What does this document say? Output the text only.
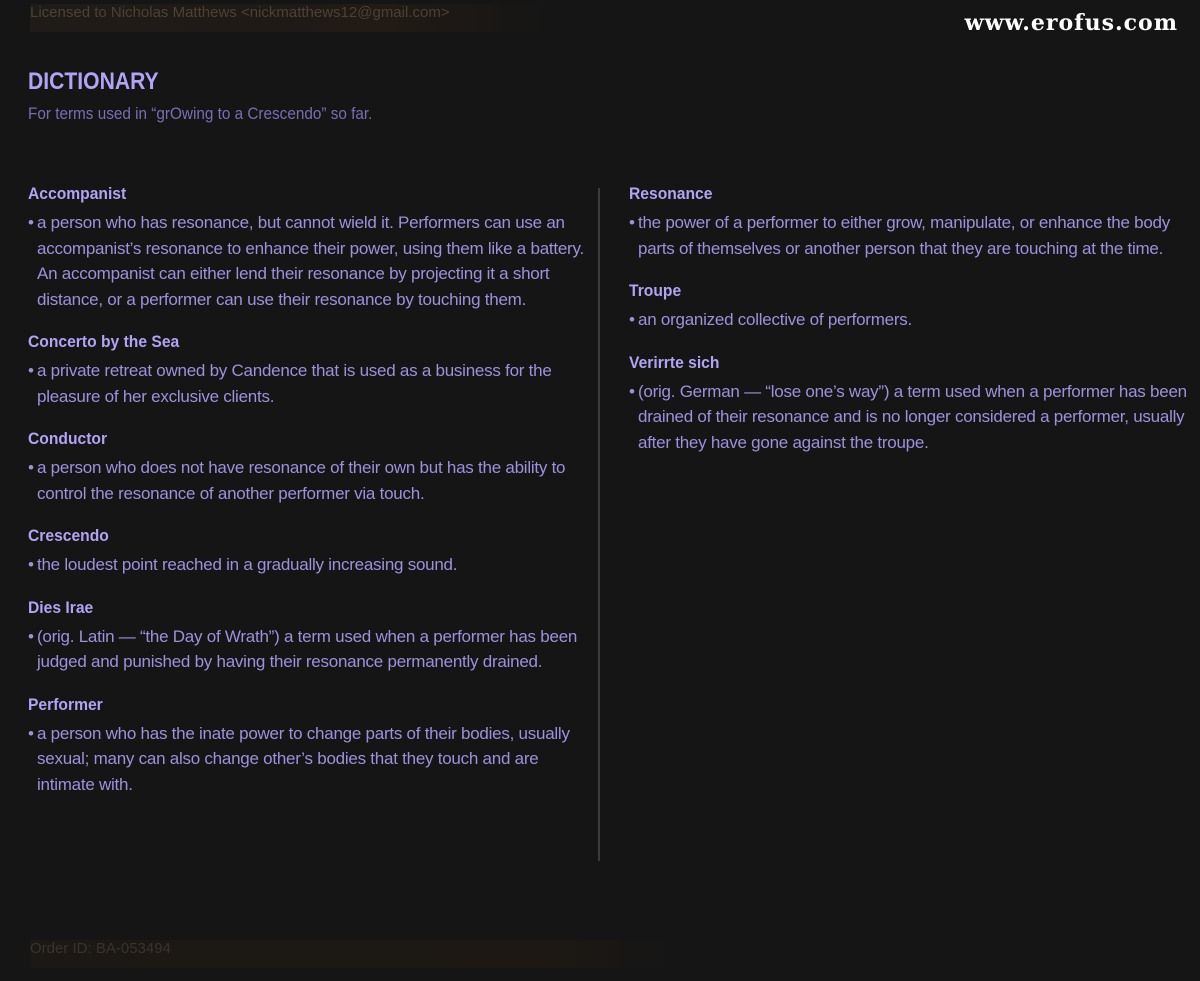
Licensed to Nicholas Matthews <nickmatthews12@gmail.com>	www.erofus.com
DICTIONARY
For terms used in “grOwing to a Crescendo” so far.
Accompanist
• a person who has resonance, but cannot wield it. Performers can use an accompanist’s resonance to enhance their power, using them like a battery. An accompanist can either lend their resonance by projecting it a short distance, or a performer can use their resonance by touching them.
Concerto by the Sea
• a private retreat owned by Candence that is used as a business for the pleasure of her exclusive clients.
Conductor
• a person who does not have resonance of their own but has the ability to control the resonance of another performer via touch.
Crescendo
• the loudest point reached in a gradually increasing sound.
Dies Irae
• (orig. Latin — “the Day of Wrath”) a term used when a performer has been judged and punished by having their resonance permanently drained.
Performer
• a person who has the inate power to change parts of their bodies, usually sexual; many can also change other’s bodies that they touch and are intimate with.
Resonance
• the power of a performer to either grow, manipulate, or enhance the body parts of themselves or another person that they are touching at the time.
Troupe
• an organized collective of performers.
Verirrte sich
• (orig. German — “lose one’s way”) a term used when a performer has been drained of their resonance and is no longer considered a performer, usually after they have gone against the troupe.
Order ID: BA-053494
